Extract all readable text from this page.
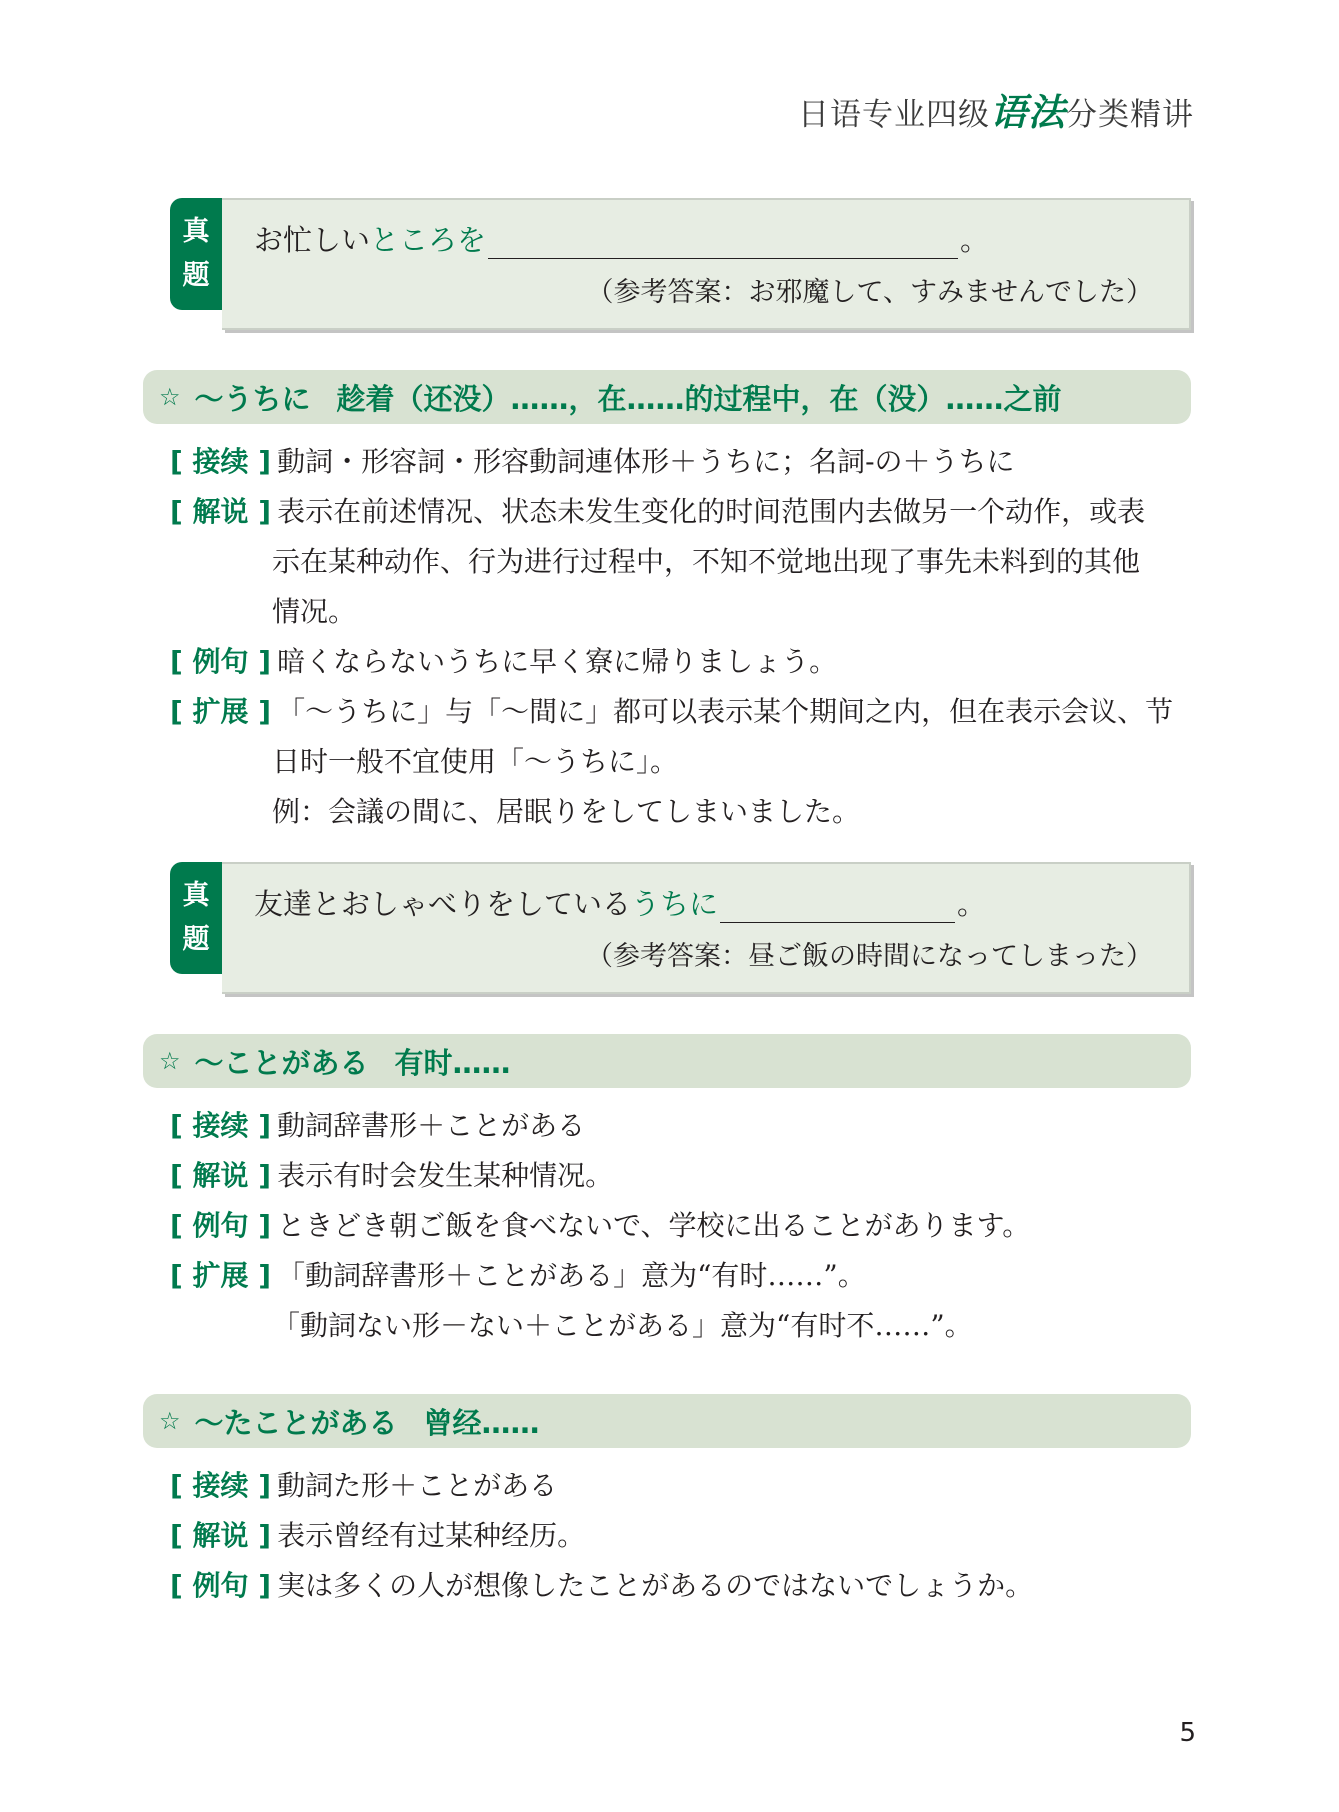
日语专业四级语法分类精讲
真
题
お忙しいところを	。
（参考答案：お邪魔して、すみませんでした）
☆ ～うちに 趁着（还没）……，在……的过程中，在（没）……之前
[ 接续 ] 動詞・形容詞・形容動詞連体形＋うちに；名詞-の＋うちに
[ 解说 ] 表示在前述情况、状态未发生变化的时间范围内去做另一个动作，或表
示在某种动作、行为进行过程中，不知不觉地出现了事先未料到的其他
情况。
[ 例句 ] 暗くならないうちに早く寮に帰りましょう。
[ 扩展 ] 「～うちに」与「～間に」都可以表示某个期间之内，但在表示会议、节
日时一般不宜使用「～うちに」。
例：会議の間に、居眠りをしてしまいました。
真
题
友達とおしゃべりをしているうちに	。
（参考答案：昼ご飯の時間になってしまった）
☆ ～ことがある 有时……
[ 接续 ] 動詞辞書形＋ことがある
[ 解说 ] 表示有时会发生某种情况。
[ 例句 ] ときどき朝ご飯を食べないで、学校に出ることがあります。
[ 扩展 ] 「動詞辞書形＋ことがある」意为“有时……”。
「動詞ない形－ない＋ことがある」意为“有时不……”。
☆ ～たことがある 曾经……
[ 接续 ] 動詞た形＋ことがある
[ 解说 ] 表示曾经有过某种经历。
[ 例句 ] 実は多くの人が想像したことがあるのではないでしょうか。
5
